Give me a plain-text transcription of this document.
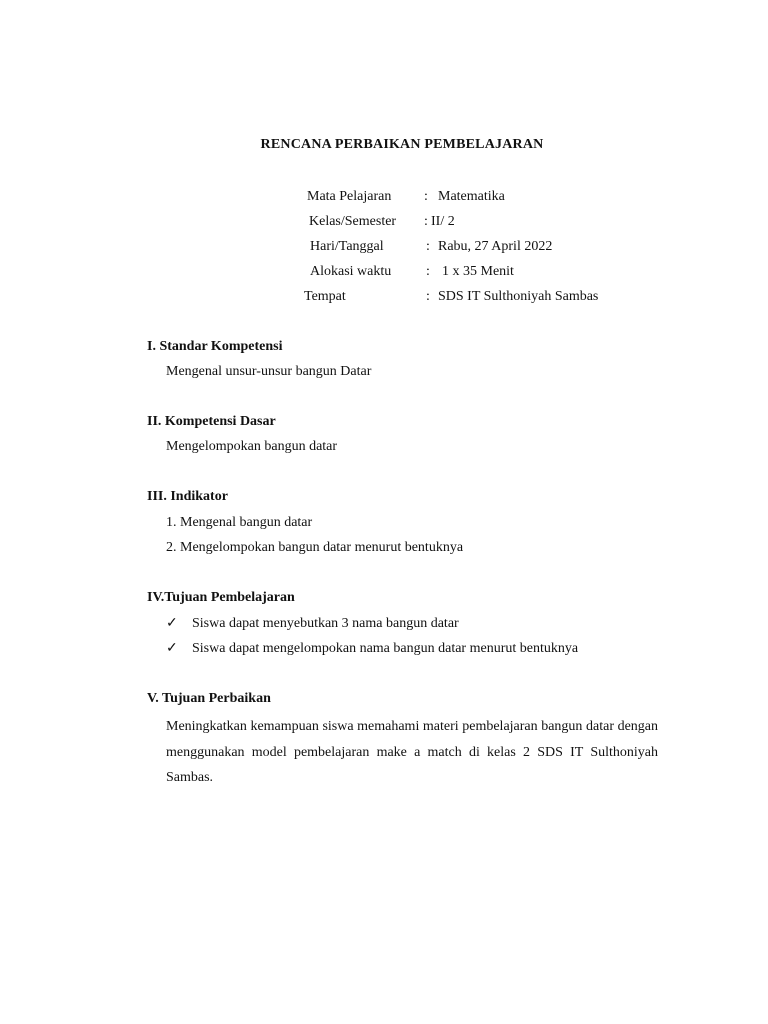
RENCANA PERBAIKAN PEMBELAJARAN
Mata Pelajaran : Matematika
Kelas/Semester : II/ 2
Hari/Tanggal	: Rabu, 27 April 2022
Alokasi waktu : 1 x 35 Menit
Tempat	: SDS IT Sulthoniyah Sambas
I. Standar Kompetensi
Mengenal unsur-unsur bangun Datar
II. Kompetensi Dasar
Mengelompokan bangun datar
III. Indikator
1. Mengenal bangun datar
2. Mengelompokan bangun datar menurut bentuknya
IV.Tujuan Pembelajaran
✓ Siswa dapat menyebutkan 3 nama bangun datar
✓ Siswa dapat mengelompokan nama bangun datar menurut bentuknya
V. Tujuan Perbaikan
Meningkatkan kemampuan siswa memahami materi pembelajaran bangun datar dengan menggunakan model pembelajaran make a match di kelas 2 SDS IT Sulthoniyah Sambas.
